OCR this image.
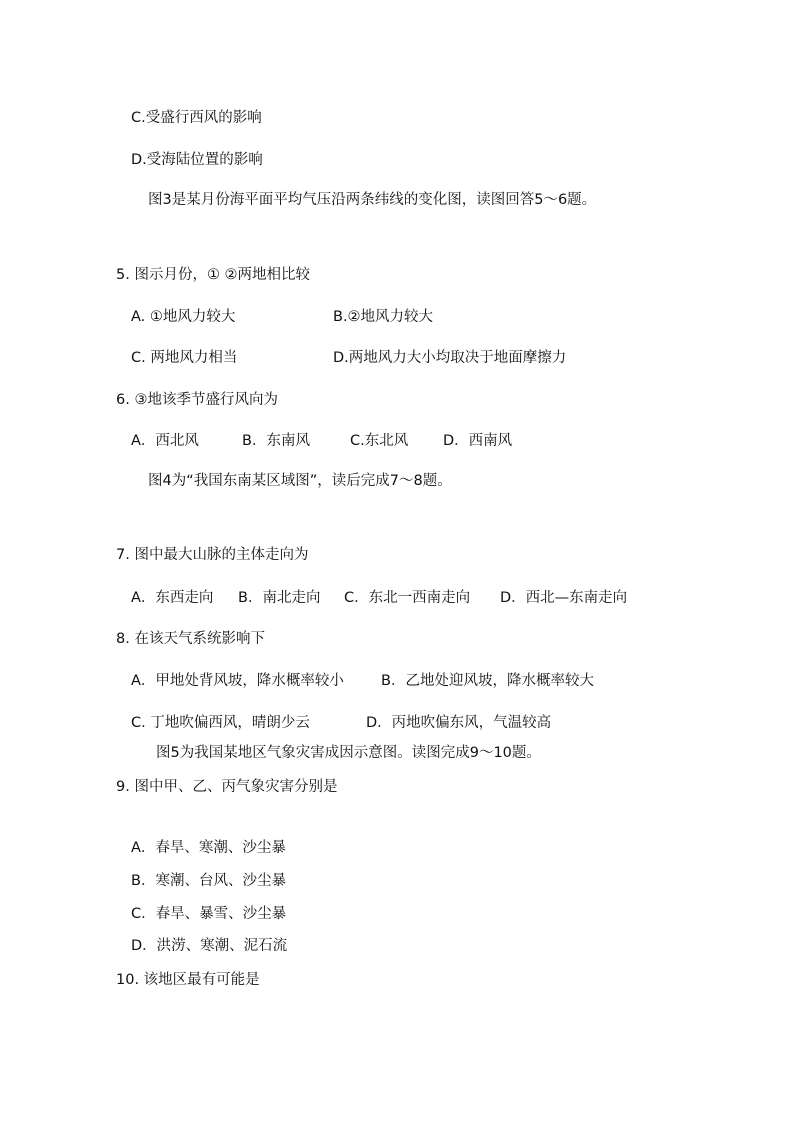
C.受盛行西风的影响
D.受海陆位置的影响
图3是某月份海平面平均气压沿两条纬线的变化图，读图回答5～6题。
5. 图示月份，① ②两地相比较
A. ①地风力较大	B.②地风力较大
C. 两地风力相当	D.两地风力大小均取决于地面摩擦力
6. ③地该季节盛行风向为
A．西北风	B．东南风	C.东北风 D．西南风
图4为“我国东南某区域图”，读后完成7～8题。
7. 图中最大山脉的主体走向为
A．东西走向 B．南北走向 C．东北一西南走向 D．西北—东南走向
8. 在该天气系统影响下
A．甲地处背风坡，降水概率较小	B．乙地处迎风坡，降水概率较大
C. 丁地吹偏西风，晴朗少云	D．丙地吹偏东风，气温较高
图5为我国某地区气象灾害成因示意图。读图完成9～10题。
9. 图中甲、乙、丙气象灾害分别是
A．春旱、寒潮、沙尘暴
B．寒潮、台风、沙尘暴
C．春旱、暴雪、沙尘暴
D．洪涝、寒潮、泥石流
10. 该地区最有可能是
